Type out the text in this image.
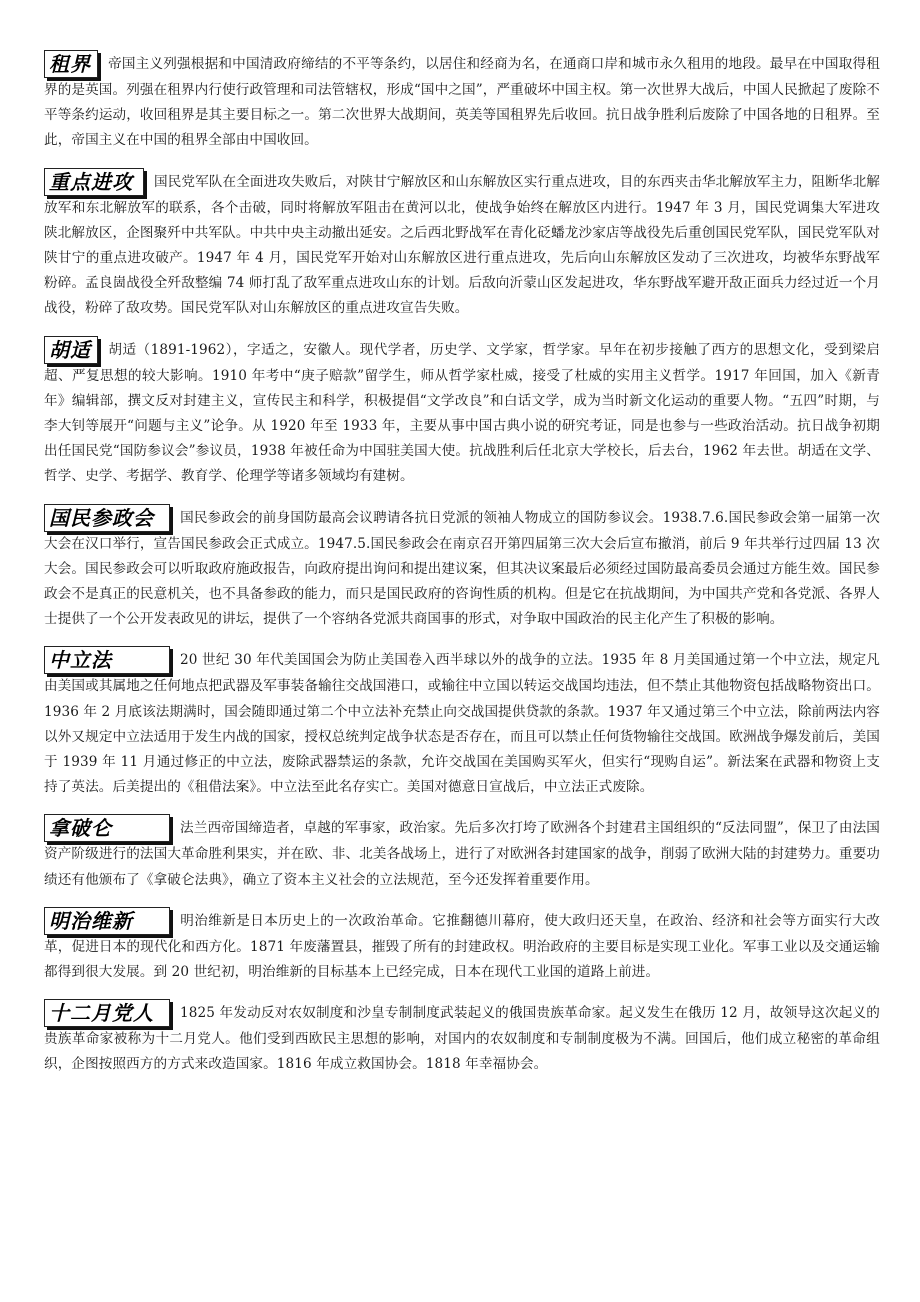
租界 帝国主义列强根据和中国清政府缔结的不平等条约，以居住和经商为名，在通商口岸和城市永久租用的地段。最早在中国取得租界的是英国。列强在租界内行使行政管理和司法管辖权，形成“国中之国”，严重破坏中国主权。第一次世界大战后，中国人民掀起了废除不平等条约运动，收回租界是其主要目标之一。第二次世界大战期间，英美等国租界先后收回。抗日战争胜利后废除了中国各地的日租界。至此，帝国主义在中国的租界全部由中国收回。

重点进攻 国民党军队在全面进攻失败后，对陕甘宁解放区和山东解放区实行重点进攻，目的东西夹击华北解放军主力，阻断华北解放军和东北解放军的联系，各个击破，同时将解放军阻击在黄河以北，使战争始终在解放区内进行。1947 年 3 月，国民党调集大军进攻陕北解放区，企图聚歼中共军队。中共中央主动撤出延安。之后西北野战军在青化砭蟠龙沙家店等战役先后重创国民党军队，国民党军队对陕甘宁的重点进攻破产。1947 年 4 月，国民党军开始对山东解放区进行重点进攻，先后向山东解放区发动了三次进攻，均被华东野战军粉碎。孟良崮战役全歼敌整编 74 师打乱了敌军重点进攻山东的计划。后敌向沂蒙山区发起进攻，华东野战军避开敌正面兵力经过近一个月战役，粉碎了敌攻势。国民党军队对山东解放区的重点进攻宣告失败。

胡适 胡适（1891-1962），字适之，安徽人。现代学者，历史学、文学家，哲学家。早年在初步接触了西方的思想文化，受到梁启超、严复思想的较大影响。1910 年考中“庚子赔款”留学生，师从哲学家杜威，接受了杜威的实用主义哲学。1917 年回国，加入《新青年》编辑部，撰文反对封建主义，宣传民主和科学，积极提倡“文学改良”和白话文学，成为当时新文化运动的重要人物。“五四”时期，与李大钊等展开“问题与主义”论争。从 1920 年至 1933 年，主要从事中国古典小说的研究考证，同是也参与一些政治活动。抗日战争初期出任国民党“国防参议会”参议员，1938 年被任命为中国驻美国大使。抗战胜利后任北京大学校长，后去台，1962 年去世。胡适在文学、哲学、史学、考据学、教育学、伦理学等诸多领域均有建树。

国民参政会 国民参政会的前身国防最高会议聘请各抗日党派的领袖人物成立的国防参议会。1938.7.6.国民参政会第一届第一次大会在汉口举行，宣告国民参政会正式成立。1947.5.国民参政会在南京召开第四届第三次大会后宣布撤消，前后 9 年共举行过四届 13 次大会。国民参政会可以听取政府施政报告，向政府提出询问和提出建议案，但其决议案最后必须经过国防最高委员会通过方能生效。国民参政会不是真正的民意机关，也不具备参政的能力，而只是国民政府的咨询性质的机构。但是它在抗战期间，为中国共产党和各党派、各界人士提供了一个公开发表政见的讲坛，提供了一个容纳各党派共商国事的形式，对争取中国政治的民主化产生了积极的影响。

中立法	20 世纪 30 年代美国国会为防止美国卷入西半球以外的战争的立法。1935 年 8 月美国通过第一个中立法，规定凡由美国或其属地之任何地点把武器及军事装备输往交战国港口，或输往中立国以转运交战国均违法，但不禁止其他物资包括战略物资出口。1936 年 2 月底该法期满时，国会随即通过第二个中立法补充禁止向交战国提供贷款的条款。1937 年又通过第三个中立法，除前两法内容以外又规定中立法适用于发生内战的国家，授权总统判定战争状态是否存在，而且可以禁止任何货物输往交战国。欧洲战争爆发前后，美国于 1939 年 11 月通过修正的中立法，废除武器禁运的条款，允许交战国在美国购买军火，但实行“现购自运”。新法案在武器和物资上支持了英法。后美提出的《租借法案》。中立法至此名存实亡。美国对德意日宣战后，中立法正式废除。

拿破仑	法兰西帝国缔造者，卓越的军事家，政治家。先后多次打垮了欧洲各个封建君主国组织的“反法同盟”，保卫了由法国资产阶级进行的法国大革命胜利果实，并在欧、非、北美各战场上，进行了对欧洲各封建国家的战争，削弱了欧洲大陆的封建势力。重要功绩还有他颁布了《拿破仑法典》，确立了资本主义社会的立法规范，至今还发挥着重要作用。

明治维新	明治维新是日本历史上的一次政治革命。它推翻德川幕府，使大政归还天皇，在政治、经济和社会等方面实行大改革，促进日本的现代化和西方化。1871 年废藩置县，摧毁了所有的封建政权。明治政府的主要目标是实现工业化。军事工业以及交通运输都得到很大发展。到 20 世纪初，明治维新的目标基本上已经完成，日本在现代工业国的道路上前进。

十二月党人 1825 年发动反对农奴制度和沙皇专制制度武装起义的俄国贵族革命家。起义发生在俄历 12 月，故领导这次起义的贵族革命家被称为十二月党人。他们受到西欧民主思想的影响，对国内的农奴制度和专制制度极为不满。回国后，他们成立秘密的革命组织，企图按照西方的方式来改造国家。1816 年成立救国协会。1818 年幸福协会。
